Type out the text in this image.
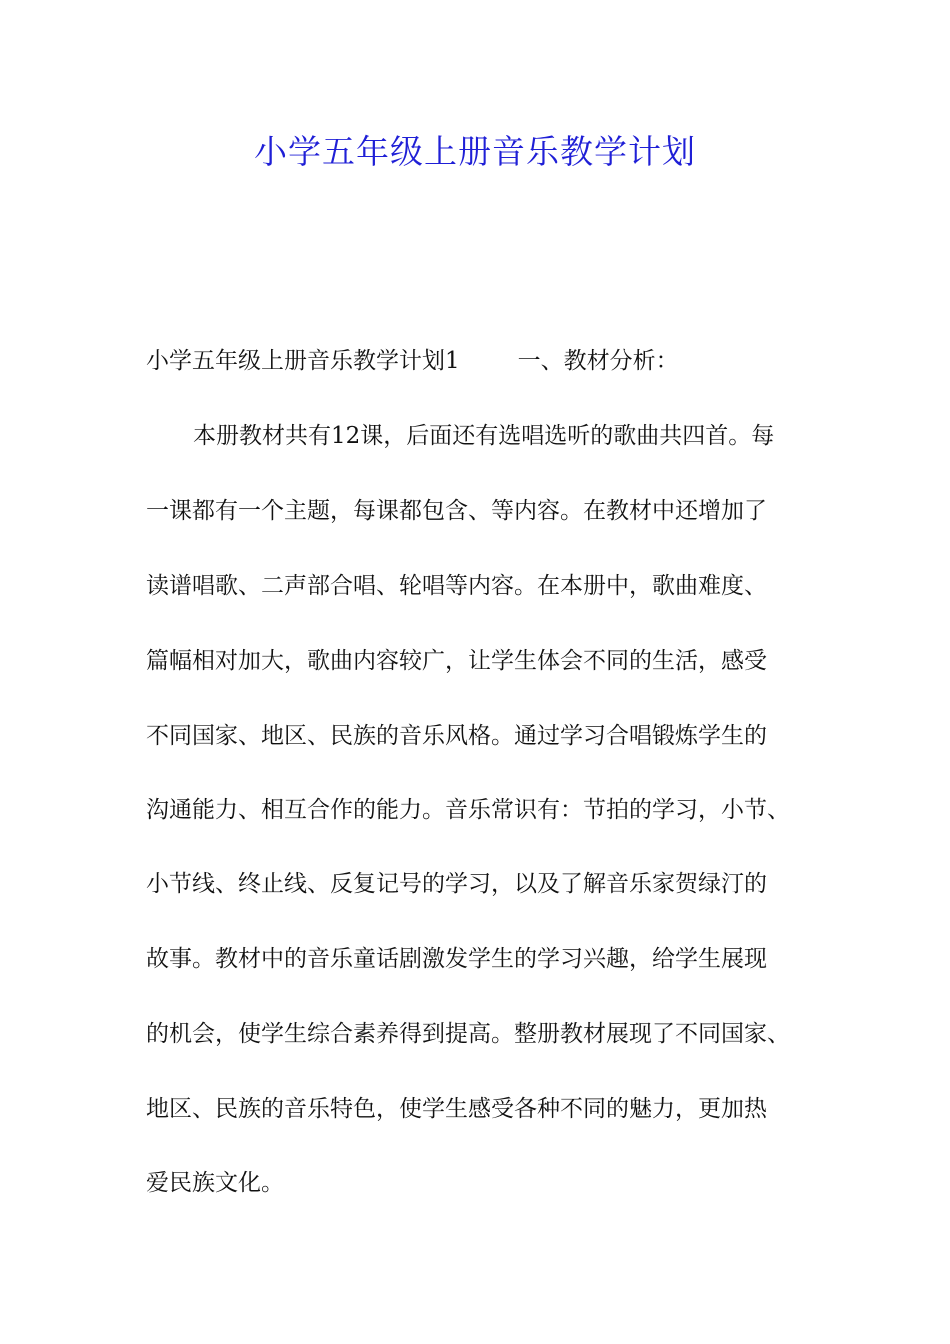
小学五年级上册音乐教学计划
小学五年级上册音乐教学计划1	一、教材分析：
本册教材共有12课，后面还有选唱选听的歌曲共四首。每
一课都有一个主题，每课都包含、等内容。在教材中还增加了
读谱唱歌、二声部合唱、轮唱等内容。在本册中，歌曲难度、
篇幅相对加大，歌曲内容较广，让学生体会不同的生活，感受
不同国家、地区、民族的音乐风格。通过学习合唱锻炼学生的
沟通能力、相互合作的能力。音乐常识有：节拍的学习，小节、
小节线、终止线、反复记号的学习，以及了解音乐家贺绿汀的
故事。教材中的音乐童话剧激发学生的学习兴趣，给学生展现
的机会，使学生综合素养得到提高。整册教材展现了不同国家、
地区、民族的音乐特色，使学生感受各种不同的魅力，更加热
爱民族文化。
